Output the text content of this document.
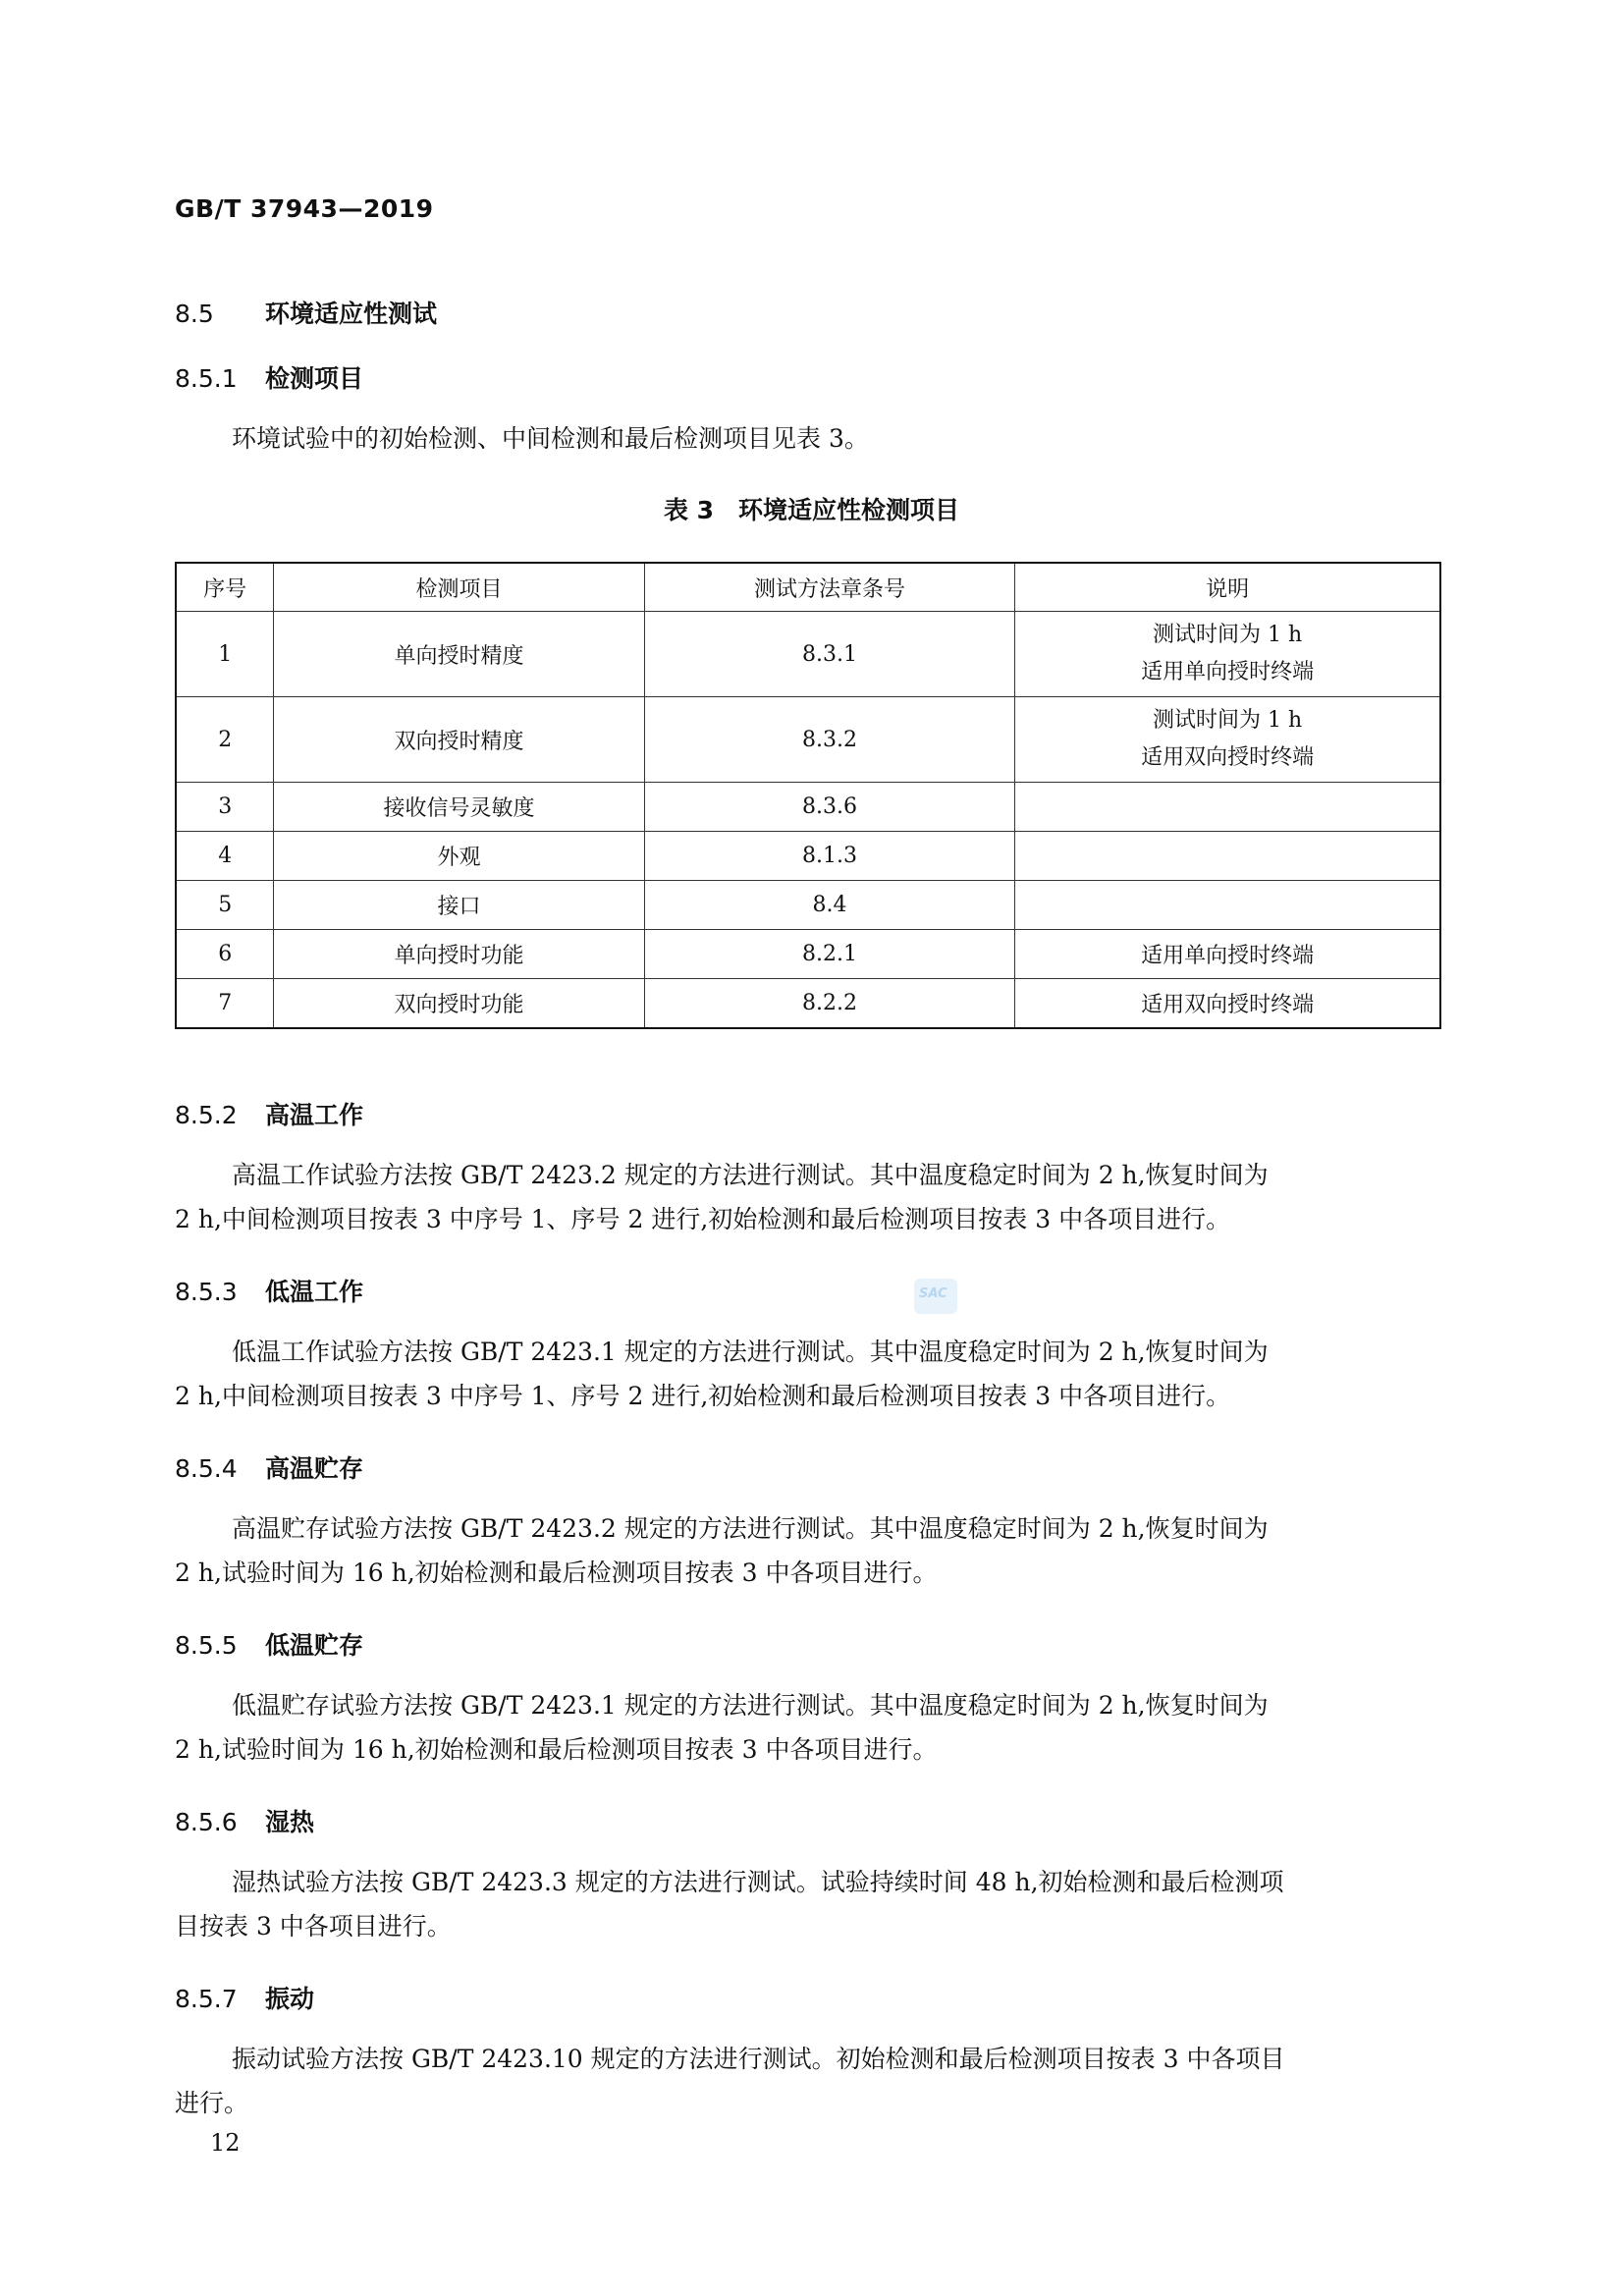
GB/T 37943—2019
8.5 环境适应性测试
8.5.1 检测项目
环境试验中的初始检测、中间检测和最后检测项目见表 3。
表 3　环境适应性检测项目
序号	检测项目	测试方法章条号	说明
1	单向授时精度	8.3.1	测试时间为 1 h
适用单向授时终端

2	双向授时精度	8.3.2	测试时间为 1 h
适用双向授时终端

3	接收信号灵敏度	8.3.6	
4	外观	8.1.3	
5	接口	8.4	
6	单向授时功能	8.2.1	适用单向授时终端
7	双向授时功能	8.2.2	适用双向授时终端
8.5.2 高温工作
高温工作试验方法按 GB/T 2423.2 规定的方法进行测试。其中温度稳定时间为 2 h,恢复时间为
2 h,中间检测项目按表 3 中序号 1、序号 2 进行,初始检测和最后检测项目按表 3 中各项目进行。
8.5.3 低温工作
低温工作试验方法按 GB/T 2423.1 规定的方法进行测试。其中温度稳定时间为 2 h,恢复时间为
2 h,中间检测项目按表 3 中序号 1、序号 2 进行,初始检测和最后检测项目按表 3 中各项目进行。
8.5.4 高温贮存
高温贮存试验方法按 GB/T 2423.2 规定的方法进行测试。其中温度稳定时间为 2 h,恢复时间为
2 h,试验时间为 16 h,初始检测和最后检测项目按表 3 中各项目进行。
8.5.5 低温贮存
低温贮存试验方法按 GB/T 2423.1 规定的方法进行测试。其中温度稳定时间为 2 h,恢复时间为
2 h,试验时间为 16 h,初始检测和最后检测项目按表 3 中各项目进行。
8.5.6 湿热
湿热试验方法按 GB/T 2423.3 规定的方法进行测试。试验持续时间 48 h,初始检测和最后检测项
目按表 3 中各项目进行。
8.5.7 振动
振动试验方法按 GB/T 2423.10 规定的方法进行测试。初始检测和最后检测项目按表 3 中各项目
进行。
SAC
12
